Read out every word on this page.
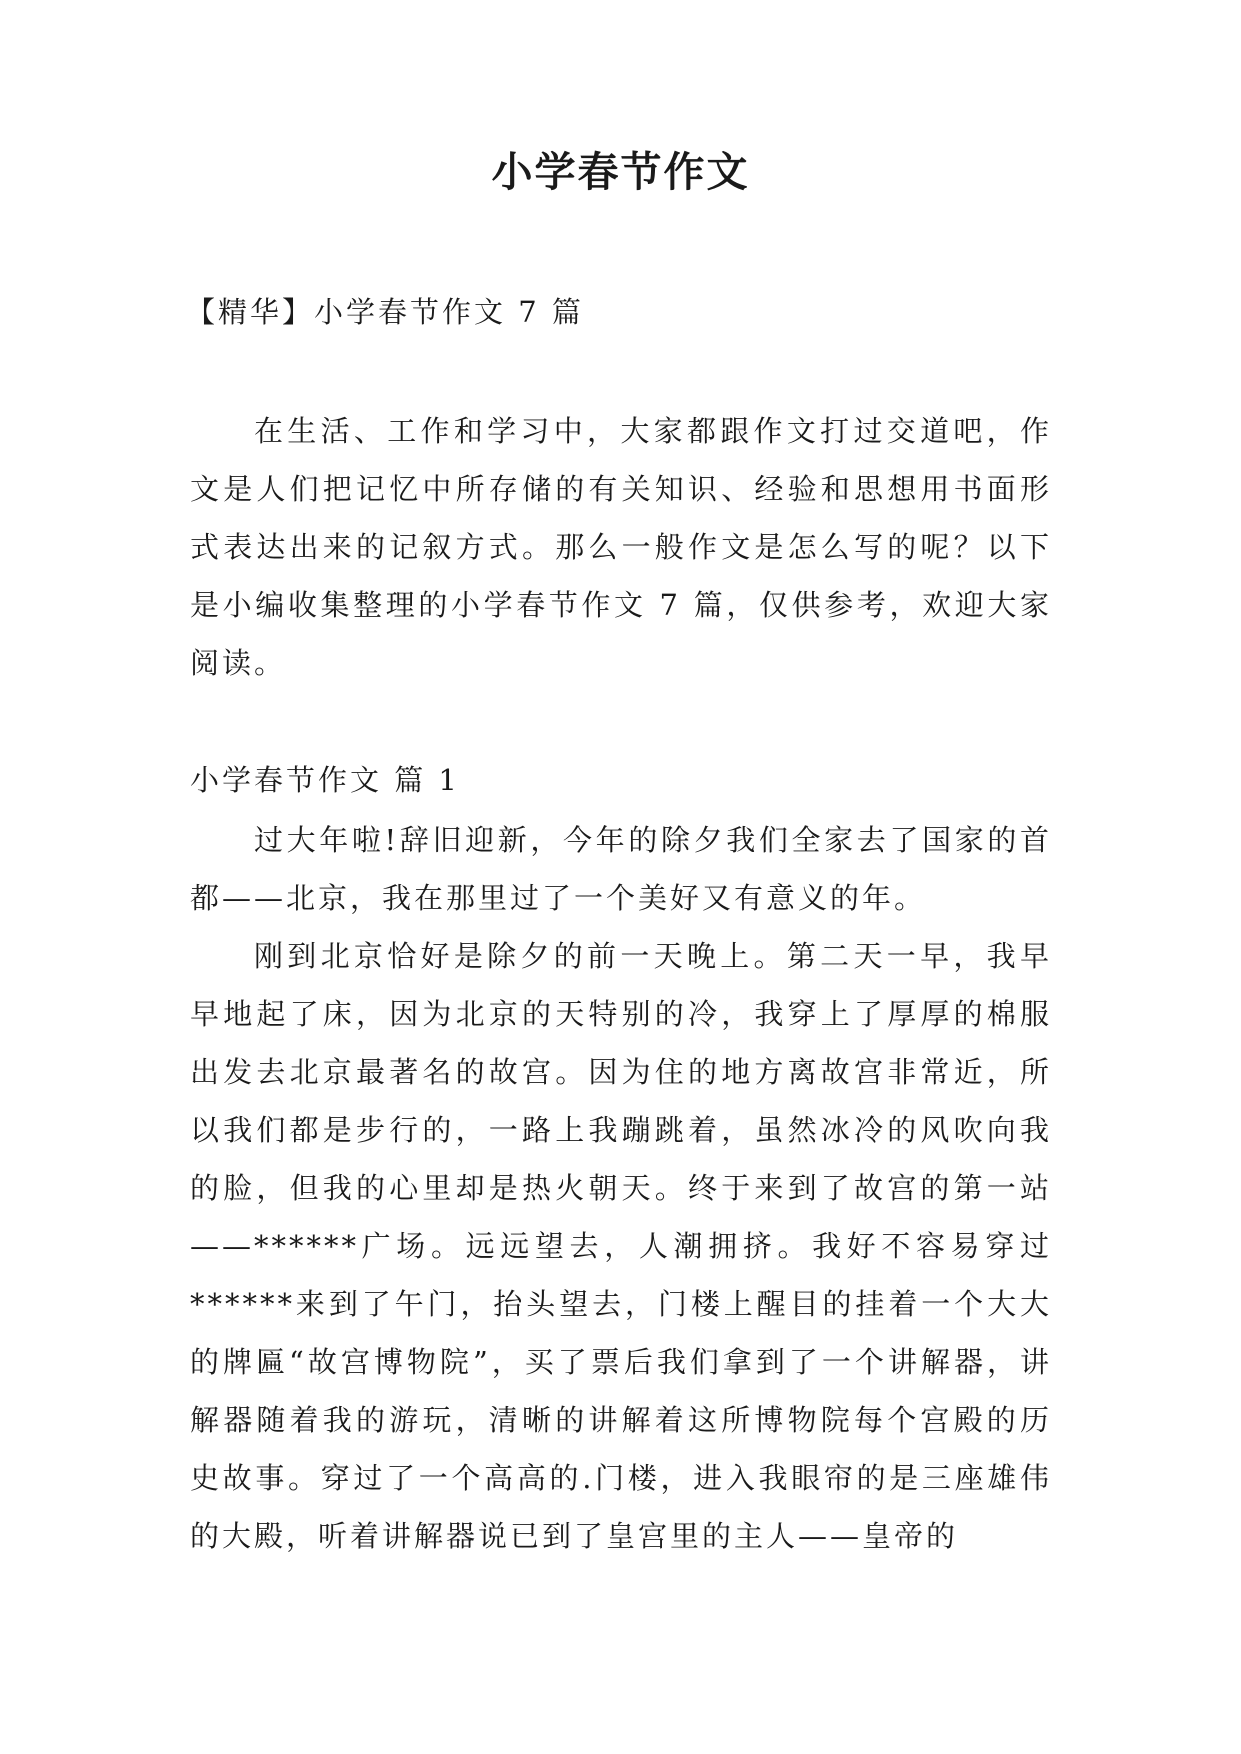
小学春节作文

【精华】小学春节作文 7 篇

在生活、工作和学习中，大家都跟作文打过交道吧，作文是人们把记忆中所存储的有关知识、经验和思想用书面形式表达出来的记叙方式。那么一般作文是怎么写的呢？以下是小编收集整理的小学春节作文 7 篇，仅供参考，欢迎大家阅读。

小学春节作文 篇 1

过大年啦!辞旧迎新，今年的除夕我们全家去了国家的首都——北京，我在那里过了一个美好又有意义的年。

刚到北京恰好是除夕的前一天晚上。第二天一早，我早早地起了床，因为北京的天特别的冷，我穿上了厚厚的棉服出发去北京最著名的故宫。因为住的地方离故宫非常近，所以我们都是步行的，一路上我蹦跳着，虽然冰冷的风吹向我的脸，但我的心里却是热火朝天。终于来到了故宫的第一站——******广场。远远望去，人潮拥挤。我好不容易穿过******来到了午门，抬头望去，门楼上醒目的挂着一个大大的牌匾“故宫博物院”，买了票后我们拿到了一个讲解器，讲解器随着我的游玩，清晰的讲解着这所博物院每个宫殿的历史故事。穿过了一个高高的.门楼，进入我眼帘的是三座雄伟的大殿，听着讲解器说已到了皇宫里的主人——皇帝的
